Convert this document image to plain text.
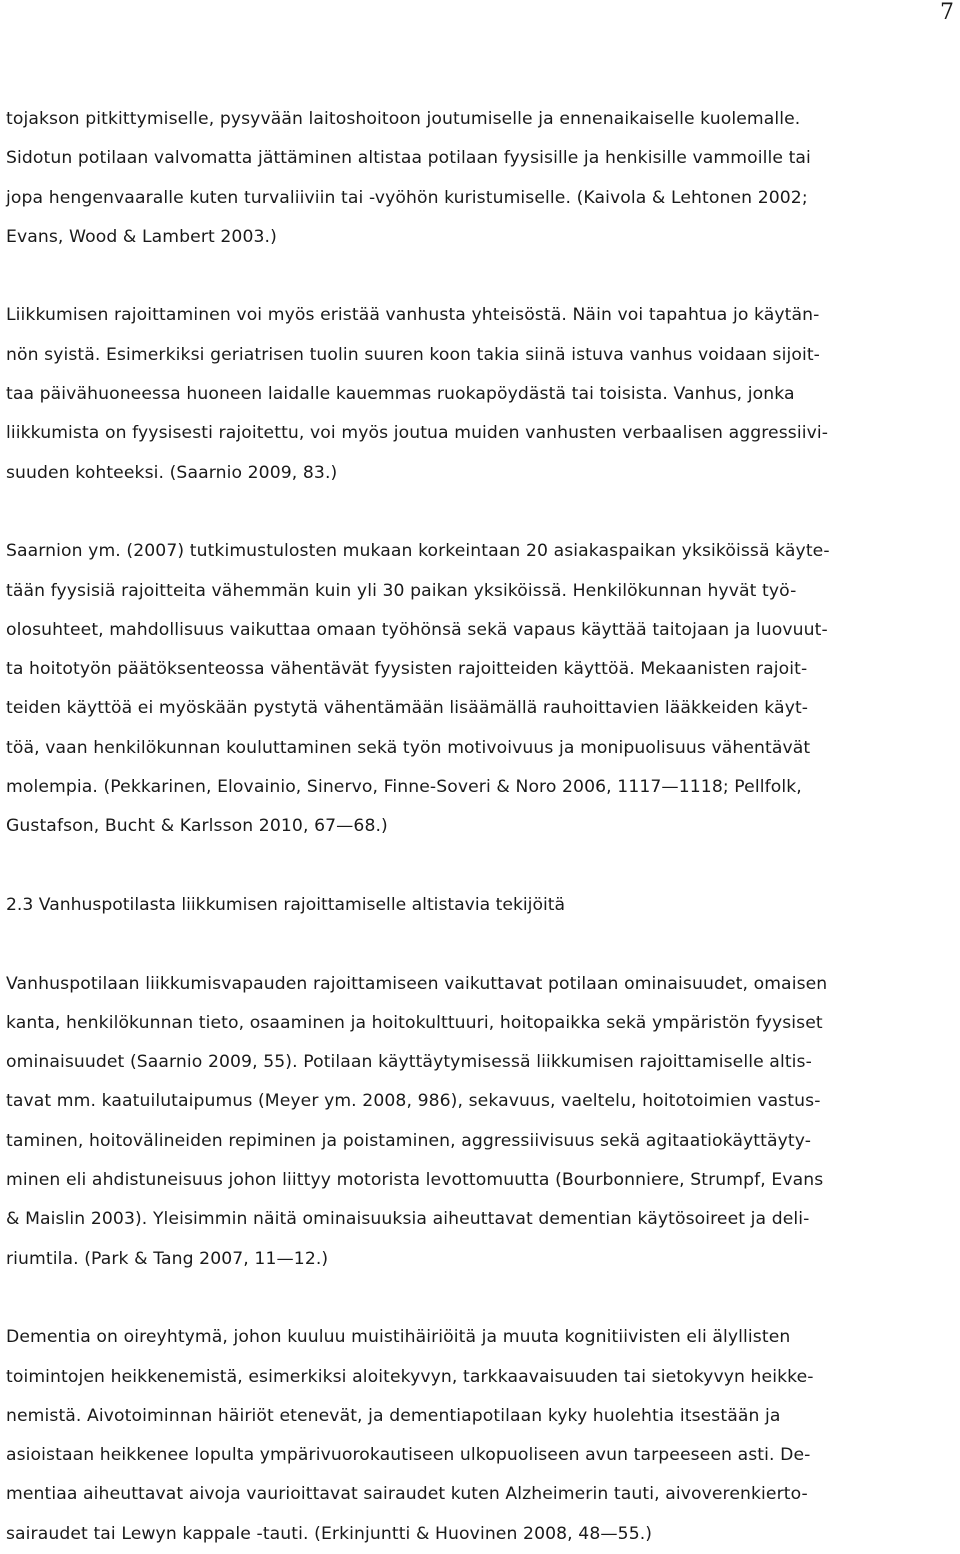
7
tojakson pitkittymiselle, pysyvään laitoshoitoon joutumiselle ja ennenaikaiselle kuolemalle.
Sidotun potilaan valvomatta jättäminen altistaa potilaan fyysisille ja henkisille vammoille tai
jopa hengenvaaralle kuten turvaliiviin tai -vyöhön kuristumiselle. (Kaivola & Lehtonen 2002;
Evans, Wood & Lambert 2003.)
Liikkumisen rajoittaminen voi myös eristää vanhusta yhteisöstä. Näin voi tapahtua jo käytän-
nön syistä. Esimerkiksi geriatrisen tuolin suuren koon takia siinä istuva vanhus voidaan sijoit-
taa päivähuoneessa huoneen laidalle kauemmas ruokapöydästä tai toisista. Vanhus, jonka
liikkumista on fyysisesti rajoitettu, voi myös joutua muiden vanhusten verbaalisen aggressiivi-
suuden kohteeksi. (Saarnio 2009, 83.)
Saarnion ym. (2007) tutkimustulosten mukaan korkeintaan 20 asiakaspaikan yksiköissä käyte-
tään fyysisiä rajoitteita vähemmän kuin yli 30 paikan yksiköissä. Henkilökunnan hyvät työ-
olosuhteet, mahdollisuus vaikuttaa omaan työhönsä sekä vapaus käyttää taitojaan ja luovuut-
ta hoitotyön päätöksenteossa vähentävät fyysisten rajoitteiden käyttöä. Mekaanisten rajoit-
teiden käyttöä ei myöskään pystytä vähentämään lisäämällä rauhoittavien lääkkeiden käyt-
töä, vaan henkilökunnan kouluttaminen sekä työn motivoivuus ja monipuolisuus vähentävät
molempia. (Pekkarinen, Elovainio, Sinervo, Finne-Soveri & Noro 2006, 1117—1118; Pellfolk,
Gustafson, Bucht & Karlsson 2010, 67—68.)
2.3 Vanhuspotilasta liikkumisen rajoittamiselle altistavia tekijöitä
Vanhuspotilaan liikkumisvapauden rajoittamiseen vaikuttavat potilaan ominaisuudet, omaisen
kanta, henkilökunnan tieto, osaaminen ja hoitokulttuuri, hoitopaikka sekä ympäristön fyysiset
ominaisuudet (Saarnio 2009, 55). Potilaan käyttäytymisessä liikkumisen rajoittamiselle altis-
tavat mm. kaatuilutaipumus (Meyer ym. 2008, 986), sekavuus, vaeltelu, hoitotoimien vastus-
taminen, hoitovälineiden repiminen ja poistaminen, aggressiivisuus sekä agitaatiokäyttäyty-
minen eli ahdistuneisuus johon liittyy motorista levottomuutta (Bourbonniere, Strumpf, Evans
& Maislin 2003). Yleisimmin näitä ominaisuuksia aiheuttavat dementian käytösoireet ja deli-
riumtila. (Park & Tang 2007, 11—12.)
Dementia on oireyhtymä, johon kuuluu muistihäiriöitä ja muuta kognitiivisten eli älyllisten
toimintojen heikkenemistä, esimerkiksi aloitekyvyn, tarkkaavaisuuden tai sietokyvyn heikke-
nemistä. Aivotoiminnan häiriöt etenevät, ja dementiapotilaan kyky huolehtia itsestään ja
asioistaan heikkenee lopulta ympärivuorokautiseen ulkopuoliseen avun tarpeeseen asti. De-
mentiaa aiheuttavat aivoja vaurioittavat sairaudet kuten Alzheimerin tauti, aivoverenkierto-
sairaudet tai Lewyn kappale -tauti. (Erkinjuntti & Huovinen 2008, 48—55.)
